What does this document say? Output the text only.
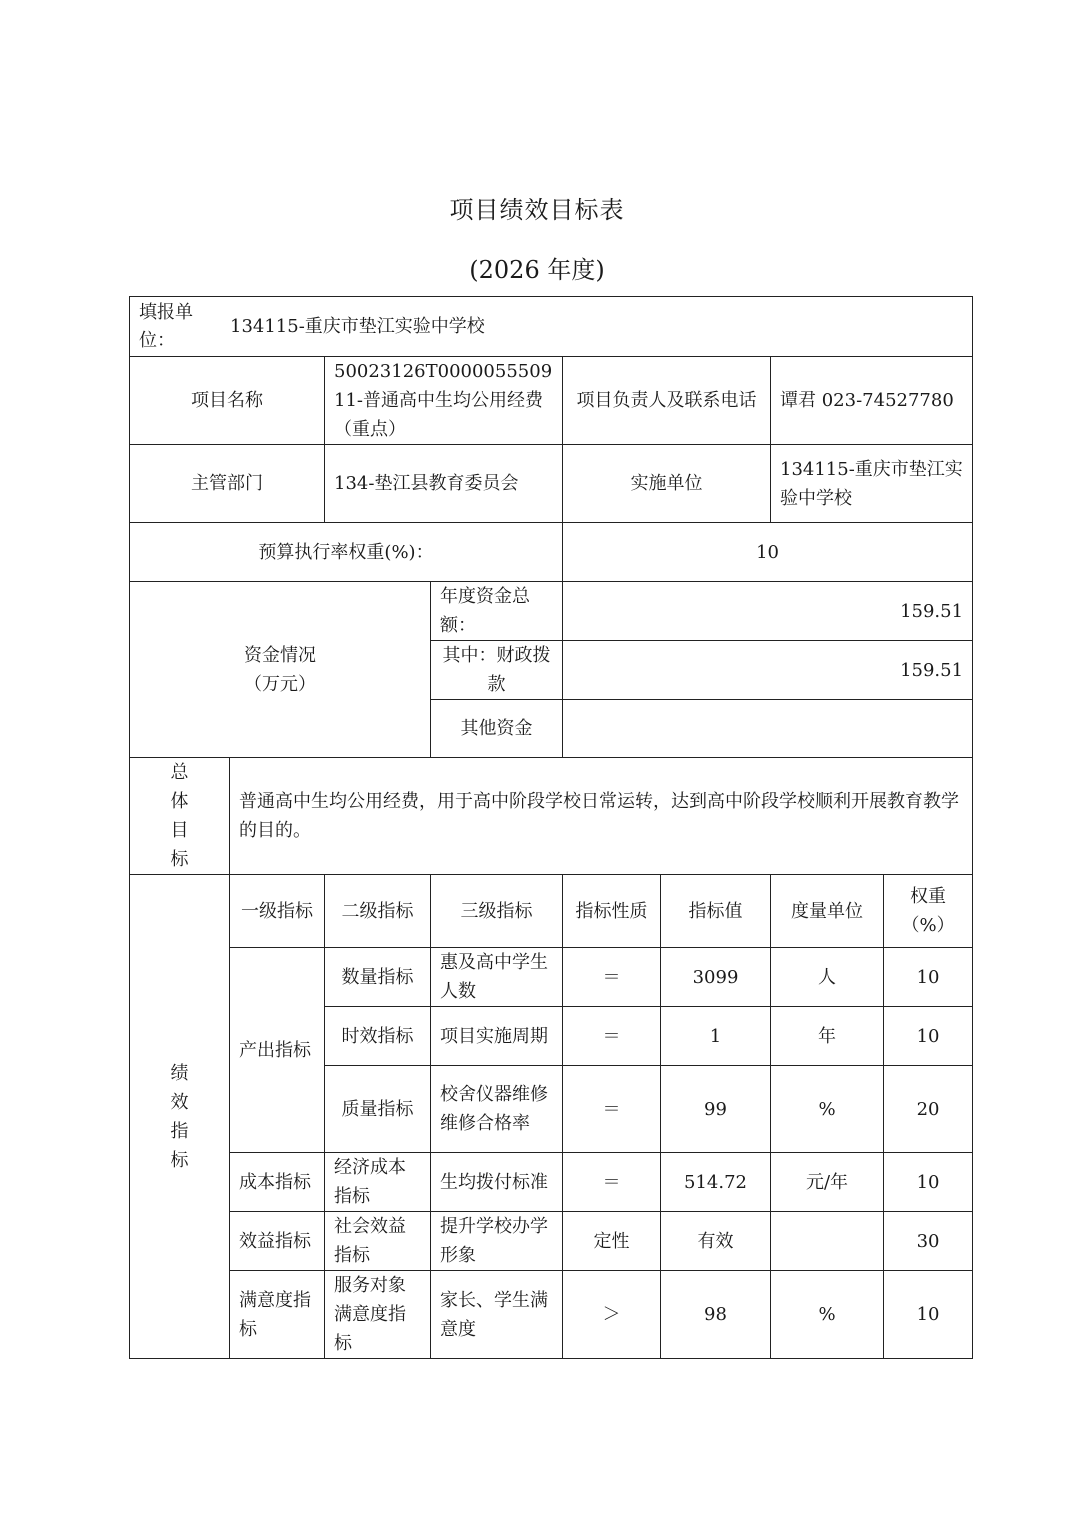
项目绩效目标表
(2026 年度)
填报单位：
134115-重庆市垫江实验中学校							

项目名称		50023126T000005550911-普通高中生均公用经费（重点）		项目负责人及联系电话		谭君 023-74527780	
主管部门		134-垫江县教育委员会		实施单位		134115-重庆市垫江实验中学校	
预算执行率权重(%)：				10			

资金情况（万元）			年度资金总额：	159.51			
			其中：财政拨款	159.51			
			其他资金				

总体目标	普通高中生均公用经费，用于高中阶段学校日常运转，达到高中阶段学校顺利开展教育教学的目的。						

绩效指标	一级指标	二级指标	三级指标	指标性质	指标值	度量单位	权重（%）
	产出指标	数量指标	惠及高中学生人数	＝	3099	人	10
		时效指标	项目实施周期	＝	1	年	10
		质量指标	校舍仪器维修维修合格率	＝	99	%	20
	成本指标	经济成本指标	生均拨付标准	＝	514.72	元/年	10
	效益指标	社会效益指标	提升学校办学形象	定性	有效		30
	满意度指标	服务对象满意度指标	家长、学生满意度	＞	98	%	10
